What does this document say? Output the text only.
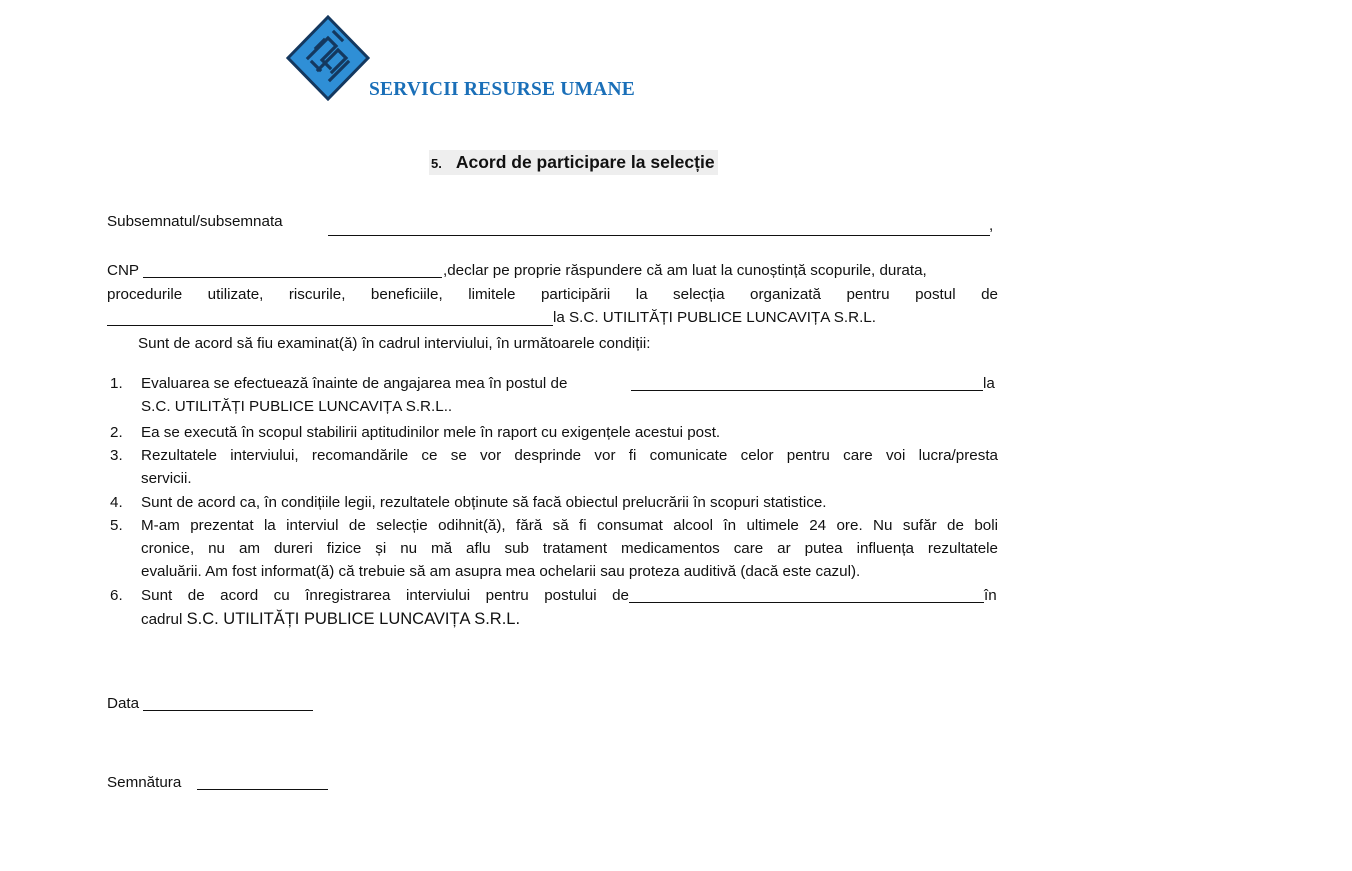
SERVICII RESURSE UMANE
5. Acord de participare la selecție
Subsemnatul/subsemnata	,
CNP	,declar pe proprie răspundere că am luat la cunoștință scopurile, durata,
procedurile utilizate, riscurile, beneficiile, limitele participării la selecția organizată pentru postul de
la S.C. UTILITĂȚI PUBLICE LUNCAVIȚA S.R.L.
Sunt de acord să fiu examinat(ă) în cadrul interviului, în următoarele condiții:
1. Evaluarea se efectuează înainte de angajarea mea în postul de	la
S.C. UTILITĂȚI PUBLICE LUNCAVIȚA S.R.L..
2. Ea se execută în scopul stabilirii aptitudinilor mele în raport cu exigențele acestui post.
3. Rezultatele interviului, recomandările ce se vor desprinde vor fi comunicate celor pentru care voi lucra/presta
servicii.
4. Sunt de acord ca, în condițiile legii, rezultatele obținute să facă obiectul prelucrării în scopuri statistice.
5. M-am prezentat la interviul de selecție odihnit(ă), fără să fi consumat alcool în ultimele 24 ore. Nu sufăr de boli
cronice, nu am dureri fizice și nu mă aflu sub tratament medicamentos care ar putea influența rezultatele
evaluării. Am fost informat(ă) că trebuie să am asupra mea ochelarii sau proteza auditivă (dacă este cazul).
6. Sunt de acord cu înregistrarea interviului pentru postului de	în
cadrul S.C. UTILITĂȚI PUBLICE LUNCAVIȚA S.R.L.
Data
Semnătura
